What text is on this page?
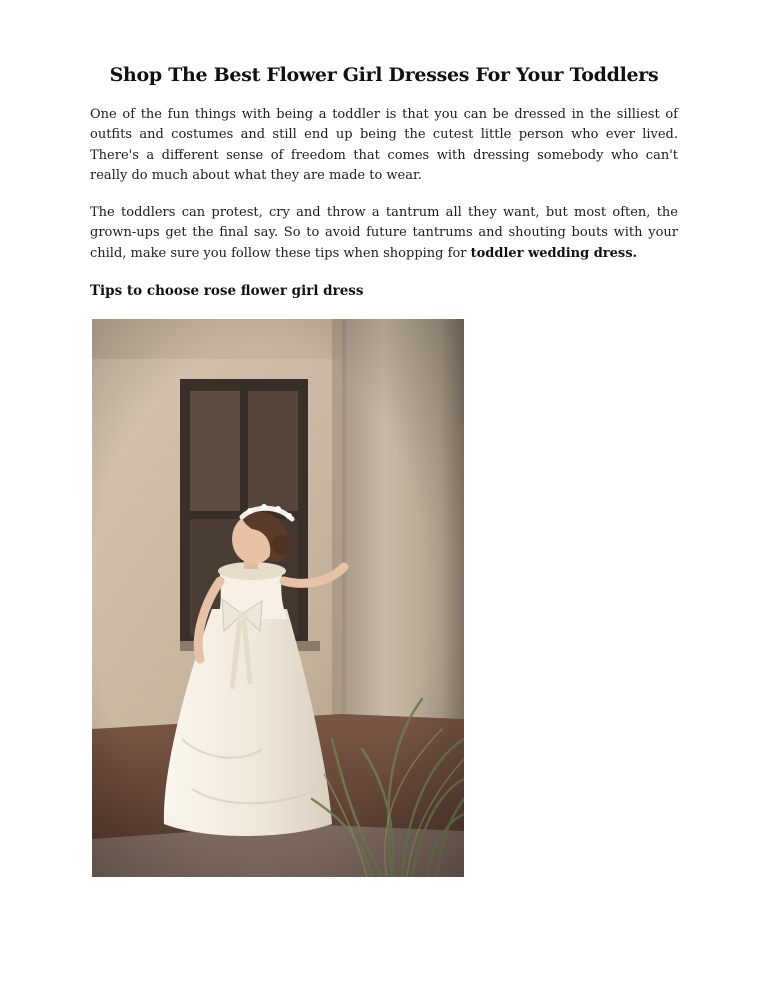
Shop The Best Flower Girl Dresses For Your Toddlers

One of the fun things with being a toddler is that you can be dressed in the silliest of outfits and costumes and still end up being the cutest little person who ever lived. There's a different sense of freedom that comes with dressing somebody who can't really do much about what they are made to wear.

The toddlers can protest, cry and throw a tantrum all they want, but most often, the grown-ups get the final say. So to avoid future tantrums and shouting bouts with your child, make sure you follow these tips when shopping for toddler wedding dress.

Tips to choose rose flower girl dress
